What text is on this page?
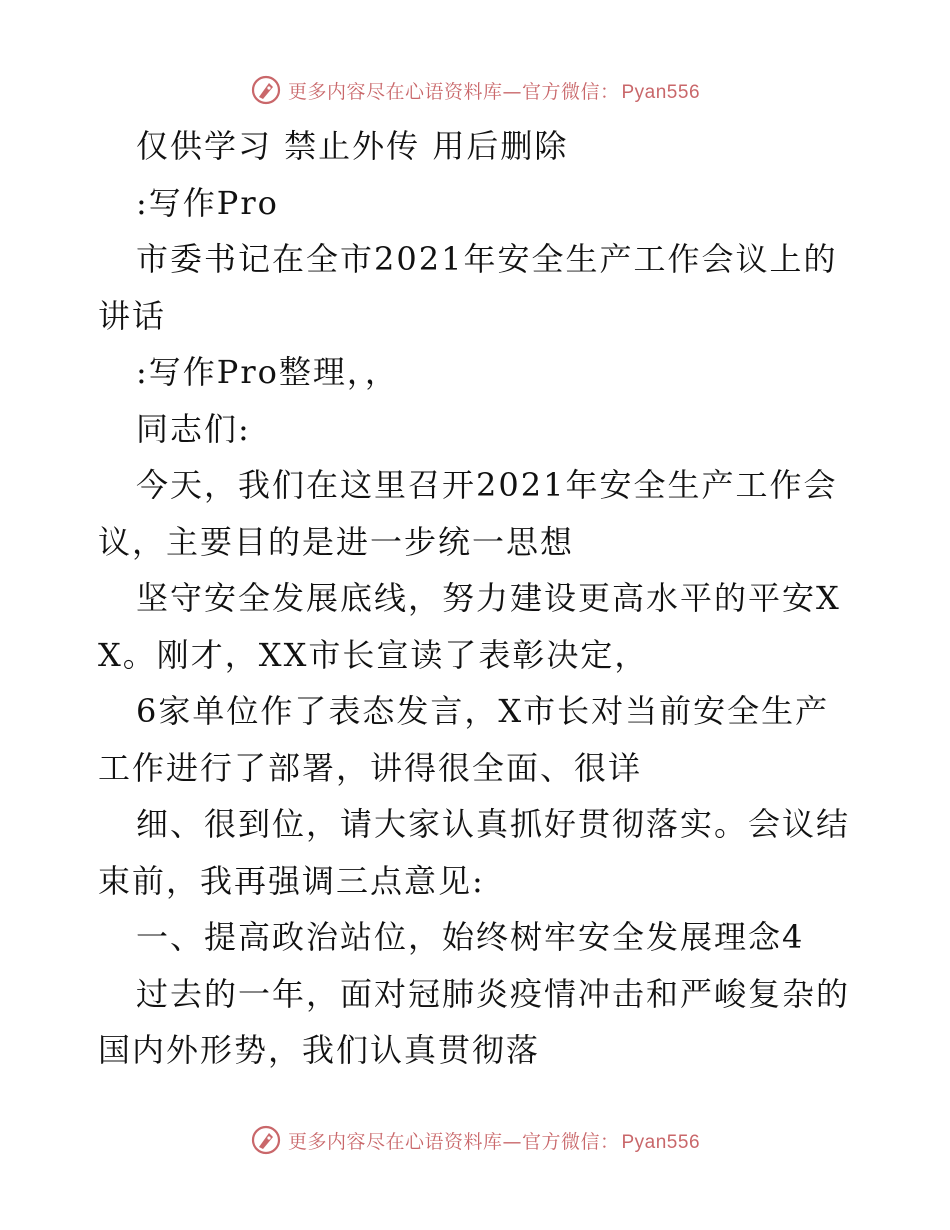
更多内容尽在心语资料库—官方微信： Pyan556

仅供学习 禁止外传 用后删除

:写作Pro

市委书记在全市2021年安全生产工作会议上的讲话

:写作Pro整理，，

同志们:

今天，我们在这里召开2021年安全生产工作会议，主要目的是进一步统一思想

坚守安全发展底线，努力建设更高水平的平安XX。刚才，XX市长宣读了表彰决定，

6家单位作了表态发言，X市长对当前安全生产工作进行了部署，讲得很全面、很详

细、很到位，请大家认真抓好贯彻落实。会议结束前，我再强调三点意见:

一、提高政治站位，始终树牢安全发展理念4

过去的一年，面对冠肺炎疫情冲击和严峻复杂的国内外形势，我们认真贯彻落

更多内容尽在心语资料库—官方微信： Pyan556
